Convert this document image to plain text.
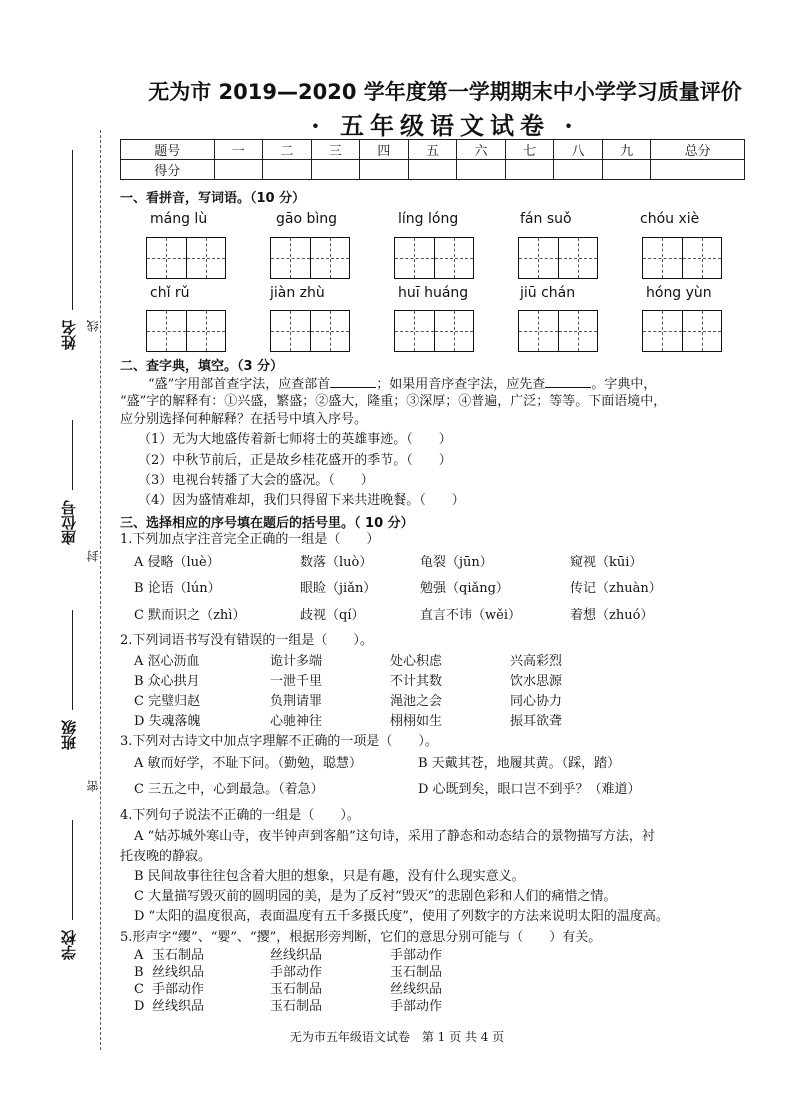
姓名 线
座位号
封
班级
密
学校
无为市 2019—2020 学年度第一学期期末中小学学习质量评价
· 五年级语文试卷 ·
题号	一	二	三	四	五	六	七	八	九	总分
得分										
一、看拼音，写词语。（10 分）
máng lù	gāo bìng	líng lóng	fán suǒ	chóu xiè
chǐ rǔ	jiàn zhù	huī huáng	jiū chán	hóng yùn
二、查字典，填空。（3 分）
“盛”字用部首查字法，应查部首	；如果用音序查字法，应先查	。字典中，
“盛”字的解释有：①兴盛，繁盛；②盛大，隆重；③深厚；④普遍，广泛；等等。下面语境中，
应分别选择何种解释？在括号中填入序号。
（1）无为大地盛传着新七师将士的英雄事迹。（　　）
（2）中秋节前后，正是故乡桂花盛开的季节。（　　）
（3）电视台转播了大会的盛况。（　　）
（4）因为盛情难却，我们只得留下来共进晚餐。（　　）
三、选择相应的序号填在题后的括号里。（ 10 分）
1.下列加点字注音完全正确的一组是（　　）
A 侵略（luè）	数落（luò）	龟裂（jūn）	窥视（kūi）
B 论语（lún）	眼睑（jiǎn）	勉强（qiǎng）	传记（zhuàn）
C 默而识之（zhì）	歧视（qí）	直言不讳（wěi）	着想（zhuó）
2.下列词语书写没有错误的一组是（　　）。
A 沤心沥血	诡计多端	处心积虑	兴高彩烈
B 众心拱月	一泄千里	不计其数	饮水思源
C 完璧归赵	负荆请罪	渑池之会	同心协力
D 失魂落魄	心驰神往	栩栩如生	振耳欲聋
3.下列对古诗文中加点字理解不正确的一项是（　　）。
A 敏而好学，不耻下问。（勤勉，聪慧）	B 天戴其苍，地履其黄。（踩，踏）
C 三五之中，心到最急。（着急）	D 心既到矣，眼口岂不到乎？（难道）
4.下列句子说法不正确的一组是（　　）。
A “姑苏城外寒山寺，夜半钟声到客船”这句诗，采用了静态和动态结合的景物描写方法，衬
托夜晚的静寂。
B 民间故事往往包含着大胆的想象，只是有趣，没有什么现实意义。
C 大量描写毁灭前的圆明园的美，是为了反衬“毁灭”的悲剧色彩和人们的痛惜之情。
D “太阳的温度很高，表面温度有五千多摄氏度”，使用了列数字的方法来说明太阳的温度高。
5.形声字“缨”、“婴”、“撄”，根据形旁判断，它们的意思分别可能与（　　）有关。
A 玉石制品	丝线织品	手部动作
B 丝线织品	手部动作	玉石制品
C 手部动作	玉石制品	丝线织品
D 丝线织品	玉石制品	手部动作
无为市五年级语文试卷　第 1 页 共 4 页
